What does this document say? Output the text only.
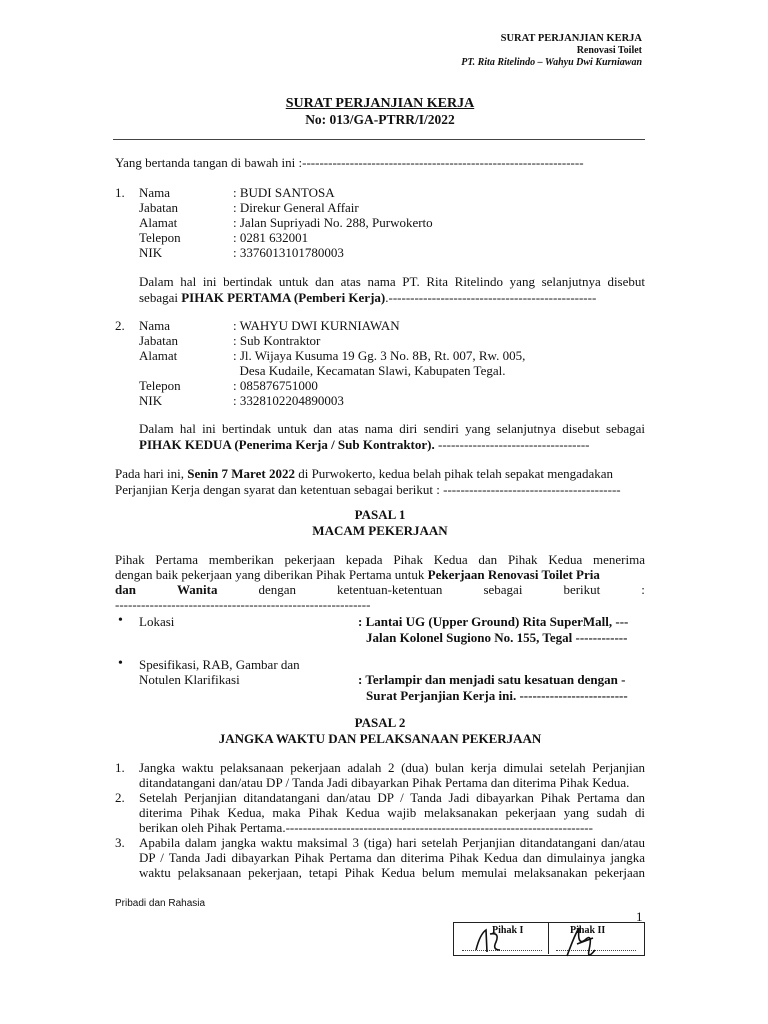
SURAT PERJANJIAN KERJA
Renovasi Toilet
PT. Rita Ritelindo – Wahyu Dwi Kurniawan
SURAT PERJANJIAN KERJA
No: 013/GA-PTRR/I/2022
Yang bertanda tangan di bawah ini :-----------------------------------------------------------------
1. Nama	: BUDI SANTOSA
Jabatan	: Direkur General Affair
Alamat	: Jalan Supriyadi No. 288, Purwokerto
Telepon	: 0281 632001
NIK	: 3376013101780003
Dalam hal ini bertindak untuk dan atas nama PT. Rita Ritelindo yang selanjutnya disebut
sebagai PIHAK PERTAMA (Pemberi Kerja).------------------------------------------------
2. Nama	: WAHYU DWI KURNIAWAN
Jabatan	: Sub Kontraktor
Alamat	: Jl. Wijaya Kusuma 19 Gg. 3 No. 8B, Rt. 007, Rw. 005,
Desa Kudaile, Kecamatan Slawi, Kabupaten Tegal.
Telepon	: 085876751000
NIK	: 3328102204890003
Dalam hal ini bertindak untuk dan atas nama diri sendiri yang selanjutnya disebut sebagai
PIHAK KEDUA (Penerima Kerja / Sub Kontraktor). -----------------------------------
Pada hari ini, Senin 7 Maret 2022 di Purwokerto, kedua belah pihak telah sepakat mengadakan
Perjanjian Kerja dengan syarat dan ketentuan sebagai berikut : -----------------------------------------
PASAL 1
MACAM PEKERJAAN
Pihak Pertama memberikan pekerjaan kepada Pihak Kedua dan Pihak Kedua menerima
dengan baik pekerjaan yang diberikan Pihak Pertama untuk Pekerjaan Renovasi Toilet Pria
dan	Wanita	dengan	ketentuan-ketentuan	sebagai	berikut	:
-----------------------------------------------------------
• Lokasi	: Lantai UG (Upper Ground) Rita SuperMall, ---
Jalan Kolonel Sugiono No. 155, Tegal ------------
• Spesifikasi, RAB, Gambar dan
Notulen Klarifikasi	: Terlampir dan menjadi satu kesatuan dengan -
Surat Perjanjian Kerja ini. -------------------------
PASAL 2
JANGKA WAKTU DAN PELAKSANAAN PEKERJAAN
1. Jangka waktu pelaksanaan pekerjaan adalah 2 (dua) bulan kerja dimulai setelah Perjanjian
ditandatangani dan/atau DP / Tanda Jadi dibayarkan Pihak Pertama dan diterima Pihak Kedua.
2. Setelah Perjanjian ditandatangani dan/atau DP / Tanda Jadi dibayarkan Pihak Pertama dan
diterima Pihak Kedua, maka Pihak Kedua wajib melaksanakan pekerjaan yang sudah di
berikan oleh Pihak Pertama.-----------------------------------------------------------------------
3. Apabila dalam jangka waktu maksimal 3 (tiga) hari setelah Perjanjian ditandatangani dan/atau
DP / Tanda Jadi dibayarkan Pihak Pertama dan diterima Pihak Kedua dan dimulainya jangka
waktu pelaksanaan pekerjaan, tetapi Pihak Kedua belum memulai melaksanakan pekerjaan
Pribadi dan Rahasia
1
Pihak I	Pihak II
